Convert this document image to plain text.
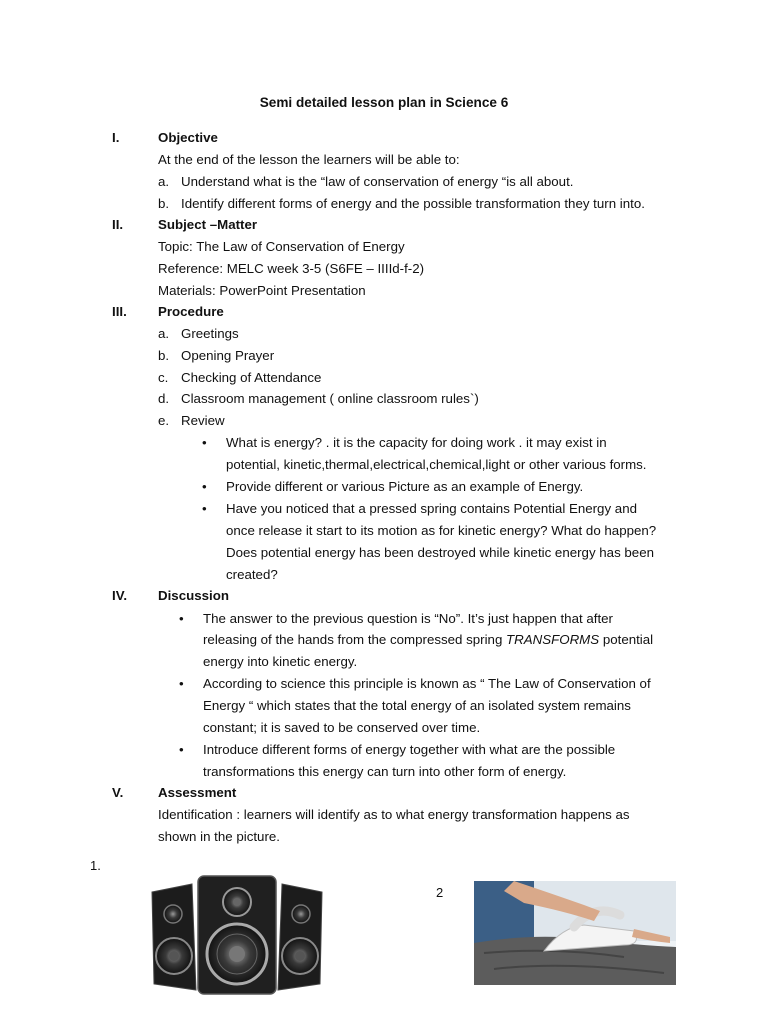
Semi detailed lesson plan in Science 6
I.	Objective
At the end of the lesson the learners will be able to:
a. Understand what is the “law of conservation of energy “is all about.
b. Identify different forms of energy and the possible transformation they turn into.
II.	Subject –Matter
Topic: The Law of Conservation of Energy
Reference: MELC week 3-5 (S6FE – IIIId-f-2)
Materials: PowerPoint Presentation
III. Procedure
a. Greetings
b. Opening Prayer
c. Checking of Attendance
d. Classroom management ( online classroom rules`)
e. Review
• What is energy? . it is the capacity for doing work . it may exist in
potential, kinetic,thermal,electrical,chemical,light or other various forms.
• Provide different or various Picture as an example of Energy.
• Have you noticed that a pressed spring contains Potential Energy and
once release it start to its motion as for kinetic energy? What do happen?
Does potential energy has been destroyed while kinetic energy has been
created?
IV. Discussion
• The answer to the previous question is “No”. It’s just happen that after
releasing of the hands from the compressed spring TRANSFORMS potential
energy into kinetic energy.
• According to science this principle is known as “ The Law of Conservation of
Energy “ which states that the total energy of an isolated system remains
constant; it is saved to be conserved over time.
• Introduce different forms of energy together with what are the possible
transformations this energy can turn into other form of energy.
V.	Assessment
Identification : learners will identify as to what energy transformation happens as
shown in the picture.
1.
2
